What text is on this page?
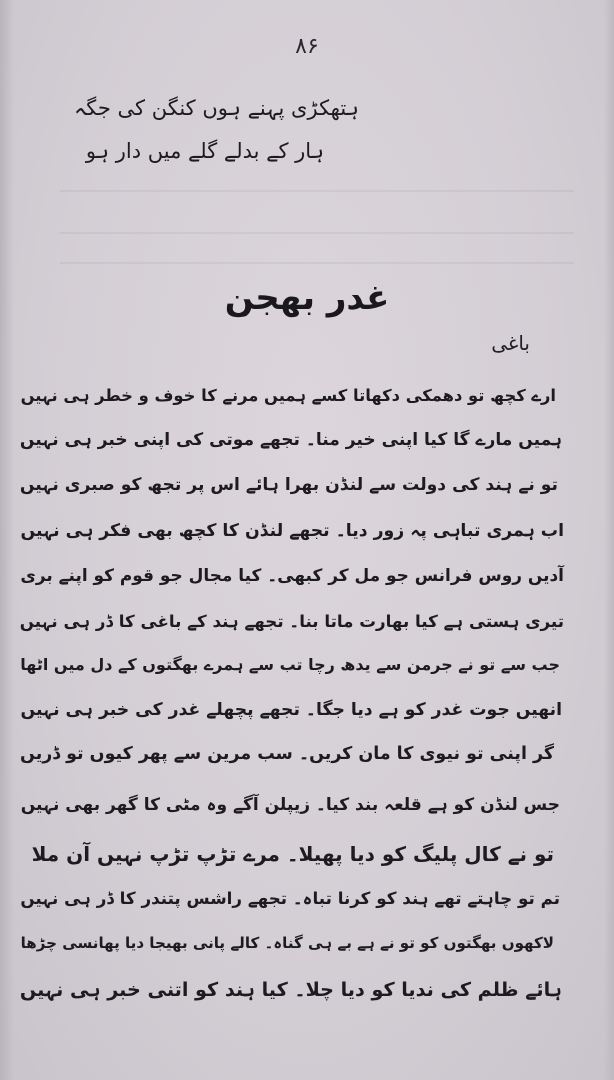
۸۶
ہتھکڑی پہنے ہوں کنگن کی جگہ
ہار کے بدلے گلے میں دار ہو
غدر بھجن
باغی
ارے کچھ تو دھمکی دکھاتا کسے ہمیں مرنے کا خوف و خطر ہی نہیں
ہمیں مارے گا کیا اپنی خیر منا۔ تجھے موتی کی اپنی خبر ہی نہیں
تو نے ہند کی دولت سے لنڈن بھرا ہائے اس پر تجھ کو صبری نہیں
اب ہمری تباہی پہ زور دیا۔ تجھے لنڈن کا کچھ بھی فکر ہی نہیں
آدیں روس فرانس جو مل کر کبھی۔ کیا مجال جو قوم کو اپنے بری
تیری ہستی ہے کیا بھارت ماتا بنا۔ تجھے ہند کے باغی کا ڈر ہی نہیں
جب سے تو نے جرمن سے یدھ رچا تب سے ہمرے بھگتوں کے دل میں اٹھا
انھیں جوت غدر کو ہے دیا جگا۔ تجھے پچھلے غدر کی خبر ہی نہیں
گر اپنی تو نیوی کا مان کریں۔ سب مرین سے پھر کیوں تو ڈریں
جس لنڈن کو ہے قلعہ بند کیا۔ زیپلن آگے وہ مٹی کا گھر بھی نہیں
تو نے کال پلیگ کو دیا پھیلا۔ مرے تڑپ تڑپ نہیں آن ملا
تم تو چاہتے تھے ہند کو کرنا تباہ۔ تجھے راشس پتندر کا ڈر ہی نہیں
لاکھوں بھگتوں کو تو نے ہے بے ہی گناہ۔ کالے پانی بھیجا دیا پھانسی چڑھا
ہائے ظلم کی ندیا کو دیا چلا۔ کیا ہند کو اتنی خبر ہی نہیں
